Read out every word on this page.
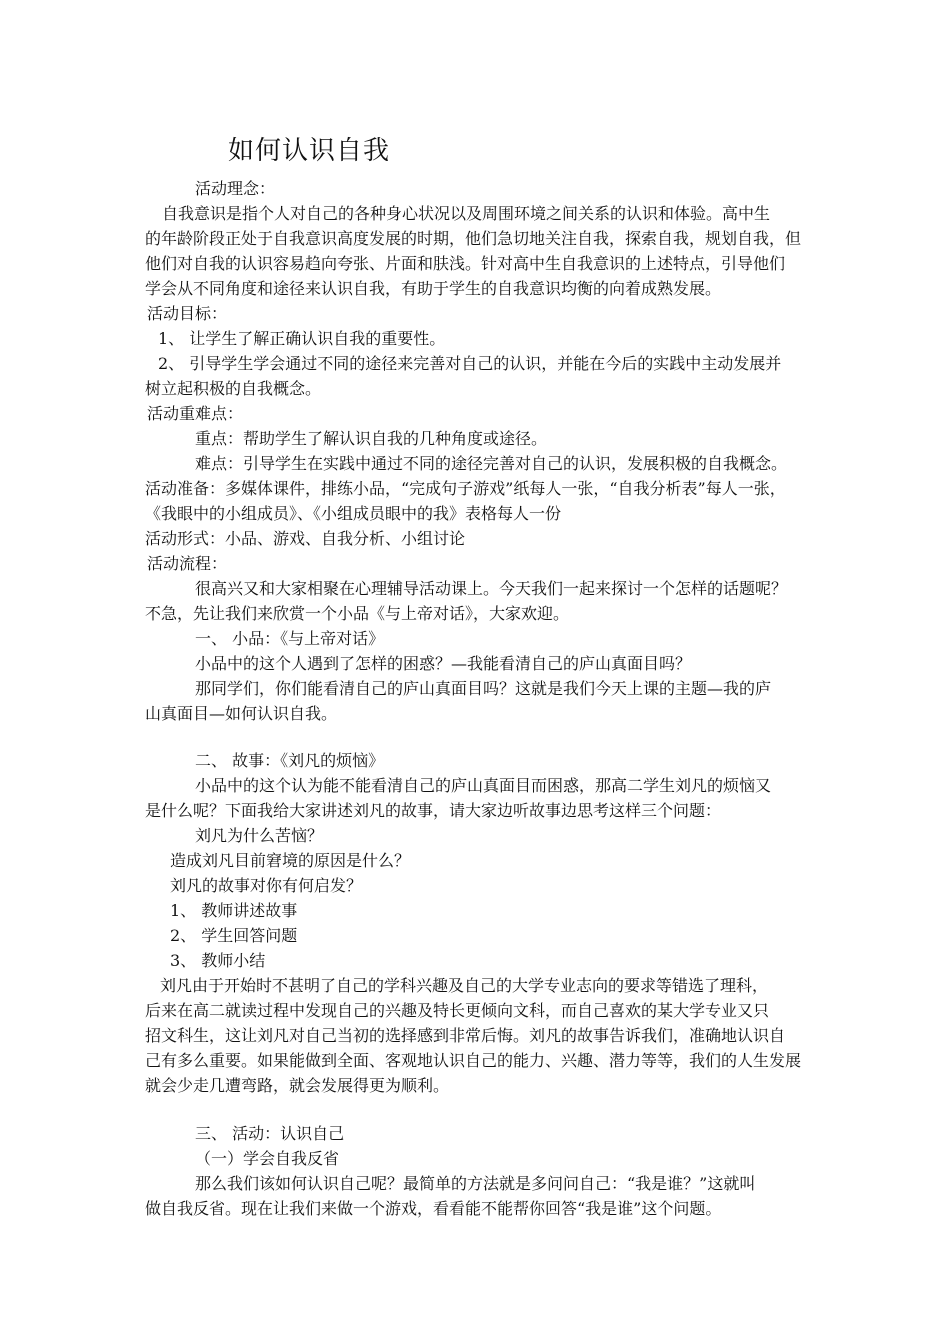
如何认识自我
活动理念：
自我意识是指个人对自己的各种身心状况以及周围环境之间关系的认识和体验。高中生
的年龄阶段正处于自我意识高度发展的时期，他们急切地关注自我，探索自我，规划自我，但
他们对自我的认识容易趋向夸张、片面和肤浅。针对高中生自我意识的上述特点，引导他们
学会从不同角度和途径来认识自我，有助于学生的自我意识均衡的向着成熟发展。
活动目标：
1、 让学生了解正确认识自我的重要性。
2、 引导学生学会通过不同的途径来完善对自己的认识，并能在今后的实践中主动发展并
树立起积极的自我概念。
活动重难点：
重点：帮助学生了解认识自我的几种角度或途径。
难点：引导学生在实践中通过不同的途径完善对自己的认识，发展积极的自我概念。
活动准备：多媒体课件，排练小品，“完成句子游戏”纸每人一张，“自我分析表”每人一张，
《我眼中的小组成员》、《小组成员眼中的我》表格每人一份
活动形式：小品、游戏、自我分析、小组讨论
活动流程：
很高兴又和大家相聚在心理辅导活动课上。今天我们一起来探讨一个怎样的话题呢？
不急，先让我们来欣赏一个小品《与上帝对话》，大家欢迎。
一、 小品：《与上帝对话》
小品中的这个人遇到了怎样的困惑？—我能看清自己的庐山真面目吗？
那同学们，你们能看清自己的庐山真面目吗？这就是我们今天上课的主题—我的庐
山真面目—如何认识自我。
二、 故事：《刘凡的烦恼》
小品中的这个认为能不能看清自己的庐山真面目而困惑，那高二学生刘凡的烦恼又
是什么呢？下面我给大家讲述刘凡的故事，请大家边听故事边思考这样三个问题：
刘凡为什么苦恼？
造成刘凡目前窘境的原因是什么？
刘凡的故事对你有何启发？
1、 教师讲述故事
2、 学生回答问题
3、 教师小结
刘凡由于开始时不甚明了自己的学科兴趣及自己的大学专业志向的要求等错选了理科，
后来在高二就读过程中发现自己的兴趣及特长更倾向文科，而自己喜欢的某大学专业又只
招文科生，这让刘凡对自己当初的选择感到非常后悔。刘凡的故事告诉我们，准确地认识自
己有多么重要。如果能做到全面、客观地认识自己的能力、兴趣、潜力等等，我们的人生发展
就会少走几遭弯路，就会发展得更为顺利。
三、 活动：认识自己
（一）学会自我反省
那么我们该如何认识自己呢？最简单的方法就是多问问自己：“我是谁？”这就叫
做自我反省。现在让我们来做一个游戏，看看能不能帮你回答“我是谁”这个问题。
